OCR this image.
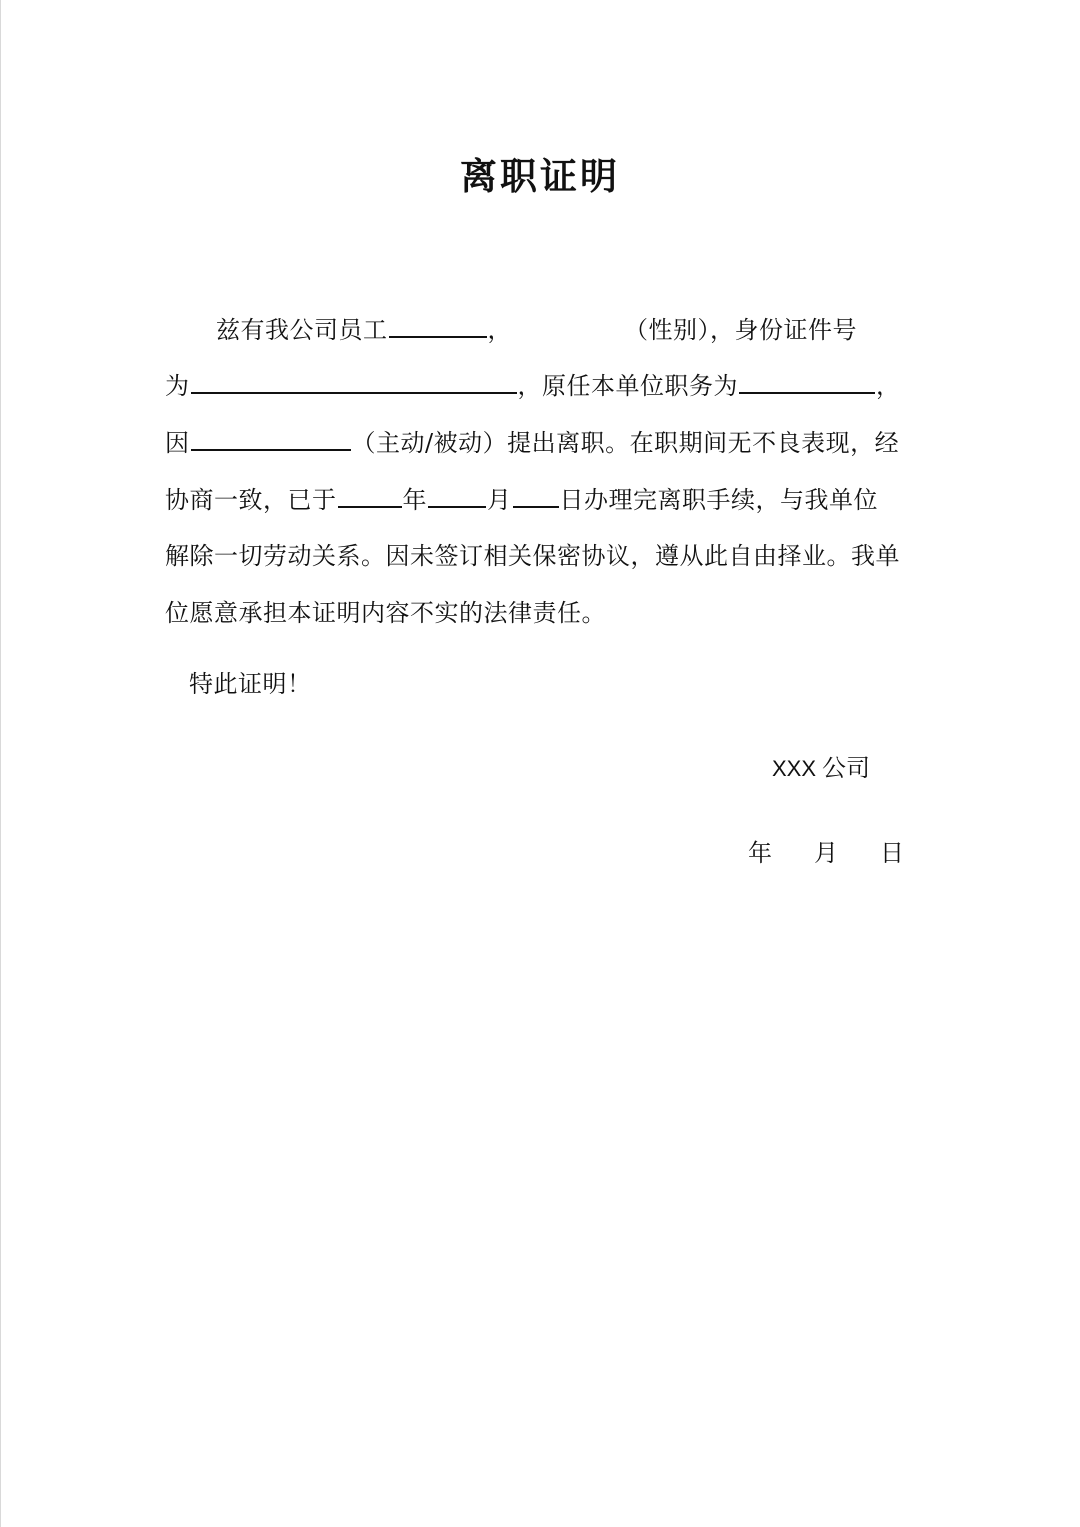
离职证明
兹有我公司员工	，	（性别），身份证件号
为	，原任本单位职务为	，
因	（主动/被动）提出离职。在职期间无不良表现，经
协商一致，已于	年	月 日办理完离职手续，与我单位
解除一切劳动关系。因未签订相关保密协议，遵从此自由择业。我单
位愿意承担本证明内容不实的法律责任。
特此证明！
XXX 公司
年 月 日
